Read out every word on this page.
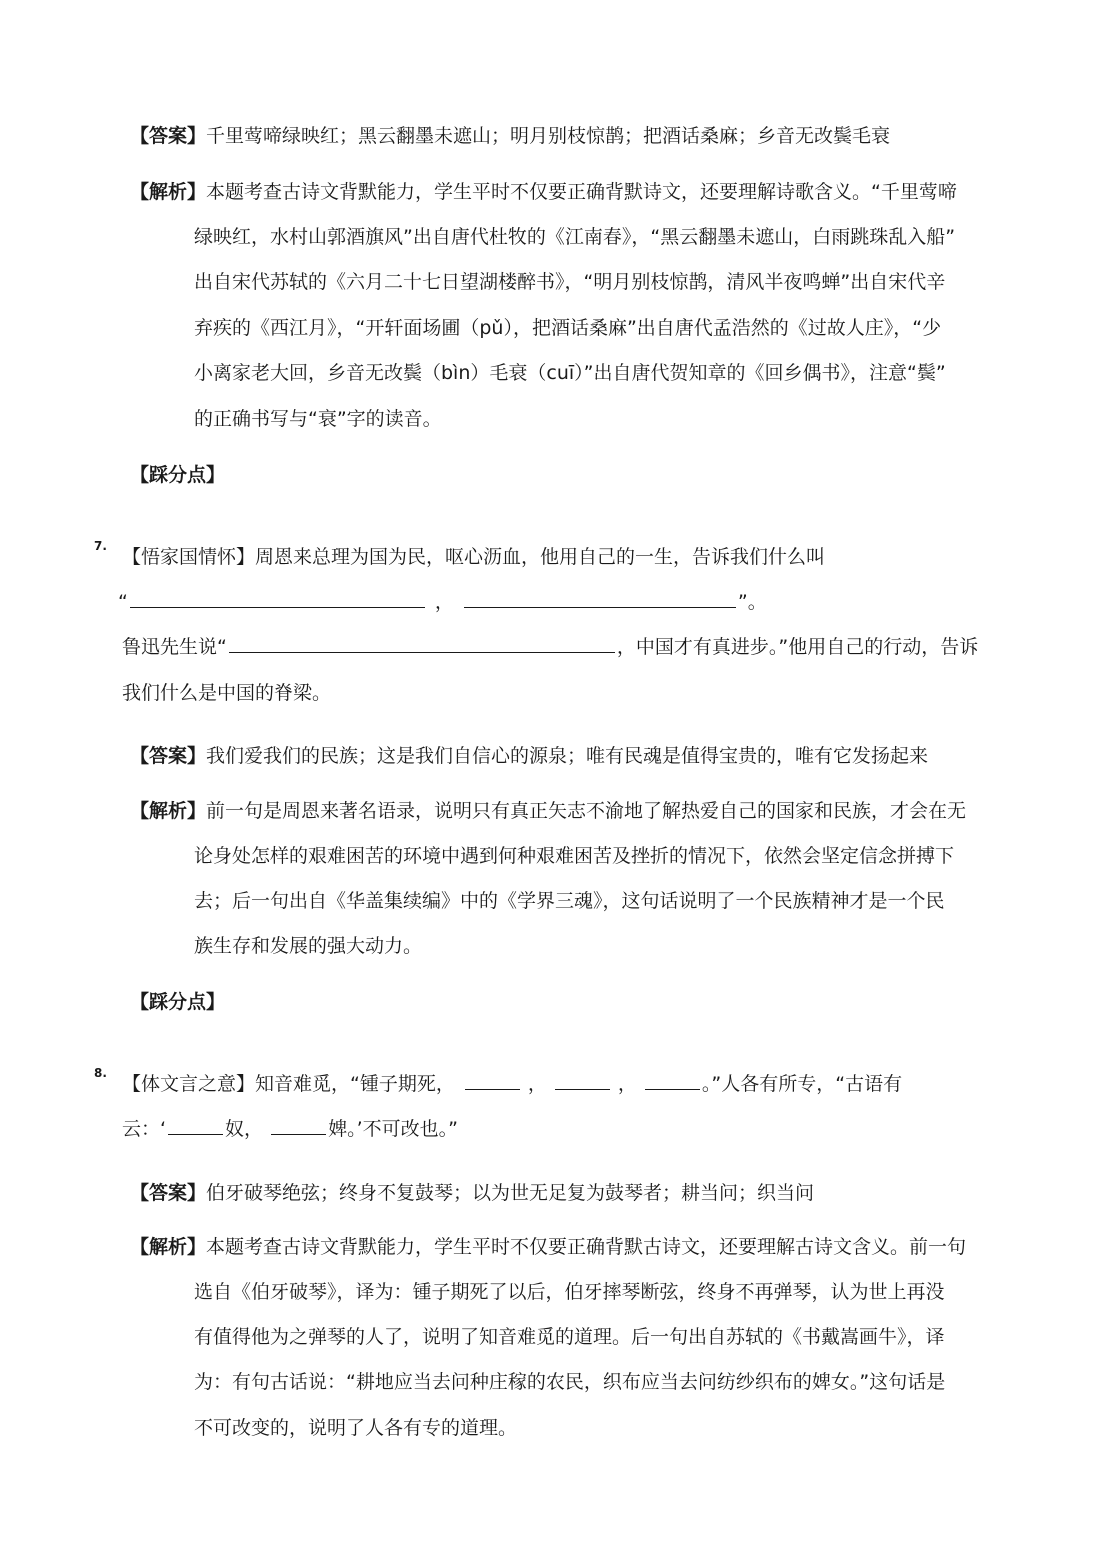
【答案】千里莺啼绿映红；黑云翻墨未遮山；明月别枝惊鹊；把酒话桑麻；乡音无改鬓毛衰
【解析】 本题考查古诗文背默能力，学生平时不仅要正确背默诗文，还要理解诗歌含义。“千里莺啼
绿映红，水村山郭酒旗风”出自唐代杜牧的《江南春》，“黑云翻墨未遮山，白雨跳珠乱入船”
出自宋代苏轼的《六月二十七日望湖楼醉书》，“明月别枝惊鹊，清风半夜鸣蝉”出自宋代辛
弃疾的《西江月》，“开轩面场圃（pǔ），把酒话桑麻”出自唐代孟浩然的《过故人庄》，“少
小离家老大回，乡音无改鬓（bìn）毛衰（cuī）”出自唐代贺知章的《回乡偶书》，注意“鬓”
的正确书写与“衰”字的读音。
【踩分点】
7. 【悟家国情怀】周恩来总理为国为民，呕心沥血，他用自己的一生，告诉我们什么叫
“	，	”。
鲁迅先生说“	，中国才有真进步。”他用自己的行动，告诉
我们什么是中国的脊梁。
【答案】我们爱我们的民族；这是我们自信心的源泉；唯有民魂是值得宝贵的，唯有它发扬起来
【解析】 前一句是周恩来著名语录，说明只有真正矢志不渝地了解热爱自己的国家和民族，才会在无
论身处怎样的艰难困苦的环境中遇到何种艰难困苦及挫折的情况下，依然会坚定信念拼搏下
去；后一句出自《华盖集续编》中的《学界三魂》，这句话说明了一个民族精神才是一个民
族生存和发展的强大动力。
【踩分点】
8. 【体文言之意】知音难觅，“锺子期死，	，	，	。”人各有所专，“古语有
云：‘	奴，	婢。’不可改也。”
【答案】伯牙破琴绝弦；终身不复鼓琴；以为世无足复为鼓琴者；耕当问；织当问
【解析】 本题考查古诗文背默能力，学生平时不仅要正确背默古诗文，还要理解古诗文含义。前一句
选自《伯牙破琴》，译为：锺子期死了以后，伯牙摔琴断弦，终身不再弹琴，认为世上再没
有值得他为之弹琴的人了，说明了知音难觅的道理。后一句出自苏轼的《书戴嵩画牛》，译
为：有句古话说：“耕地应当去问种庄稼的农民，织布应当去问纺纱织布的婢女。”这句话是
不可改变的，说明了人各有专的道理。
